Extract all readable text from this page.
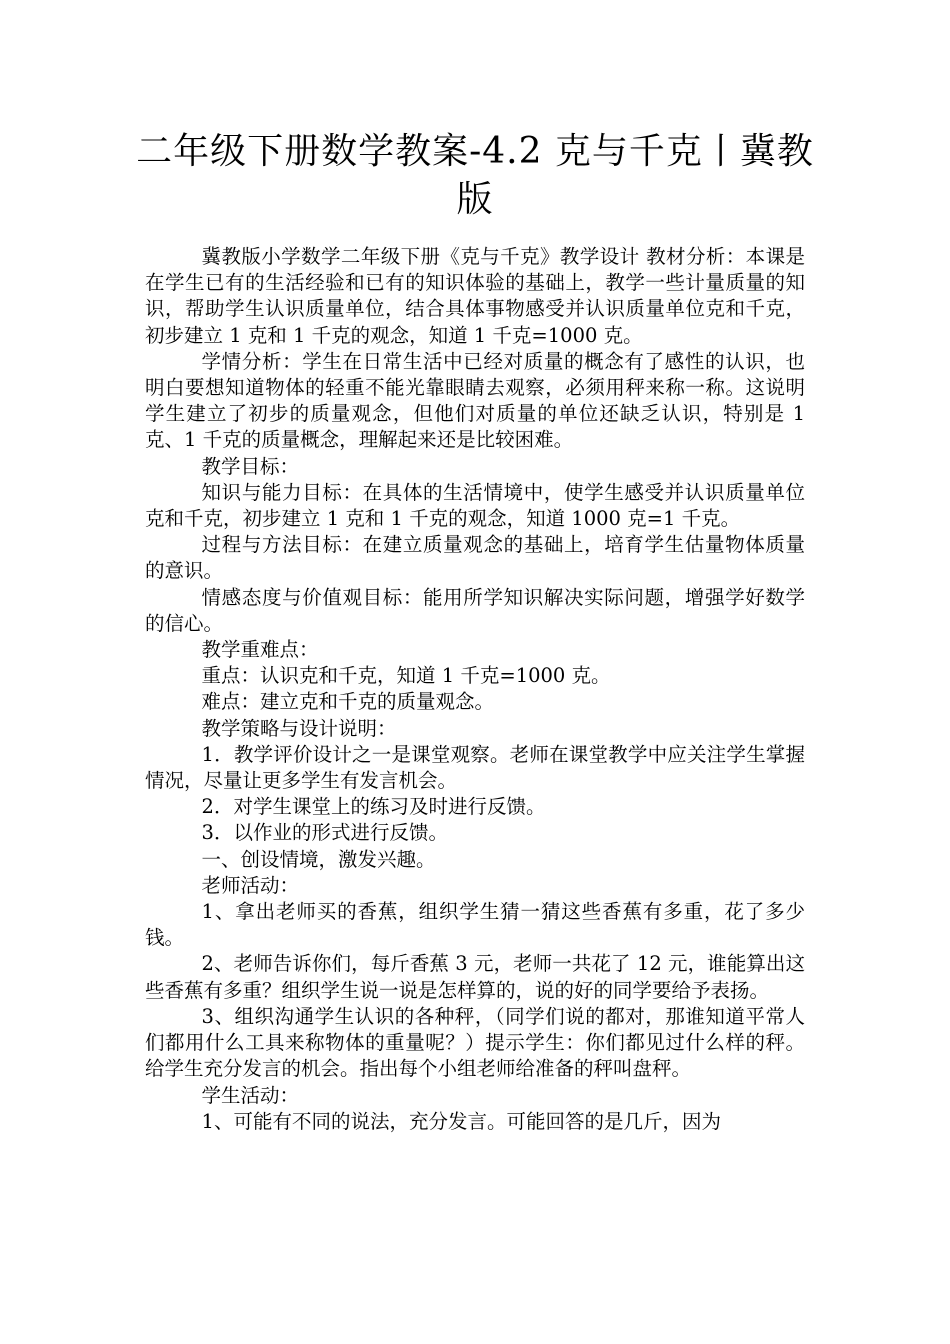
二年级下册数学教案-4.2 克与千克丨冀教版

冀教版小学数学二年级下册《克与千克》教学设计 教材分析：本课是在学生已有的生活经验和已有的知识体验的基础上，教学一些计量质量的知识，帮助学生认识质量单位，结合具体事物感受并认识质量单位克和千克，初步建立 1 克和 1 千克的观念，知道 1 千克=1000 克。

学情分析：学生在日常生活中已经对质量的概念有了感性的认识，也明白要想知道物体的轻重不能光靠眼睛去观察，必须用秤来称一称。这说明学生建立了初步的质量观念，但他们对质量的单位还缺乏认识，特别是 1 克、1 千克的质量概念，理解起来还是比较困难。

教学目标：

知识与能力目标：在具体的生活情境中，使学生感受并认识质量单位克和千克，初步建立 1 克和 1 千克的观念，知道 1000 克=1 千克。

过程与方法目标：在建立质量观念的基础上，培育学生估量物体质量的意识。

情感态度与价值观目标：能用所学知识解决实际问题，增强学好数学的信心。

教学重难点：

重点：认识克和千克，知道 1 千克=1000 克。

难点：建立克和千克的质量观念。

教学策略与设计说明：

1．教学评价设计之一是课堂观察。老师在课堂教学中应关注学生掌握情况，尽量让更多学生有发言机会。

2．对学生课堂上的练习及时进行反馈。

3．以作业的形式进行反馈。

一、创设情境，激发兴趣。

老师活动：

1、拿出老师买的香蕉，组织学生猜一猜这些香蕉有多重，花了多少钱。

2、老师告诉你们，每斤香蕉 3 元，老师一共花了 12 元，谁能算出这些香蕉有多重？组织学生说一说是怎样算的，说的好的同学要给予表扬。

3、组织沟通学生认识的各种秤，（同学们说的都对，那谁知道平常人们都用什么工具来称物体的重量呢？）提示学生：你们都见过什么样的秤。给学生充分发言的机会。指出每个小组老师给准备的秤叫盘秤。

学生活动：

1、可能有不同的说法，充分发言。可能回答的是几斤，因为
